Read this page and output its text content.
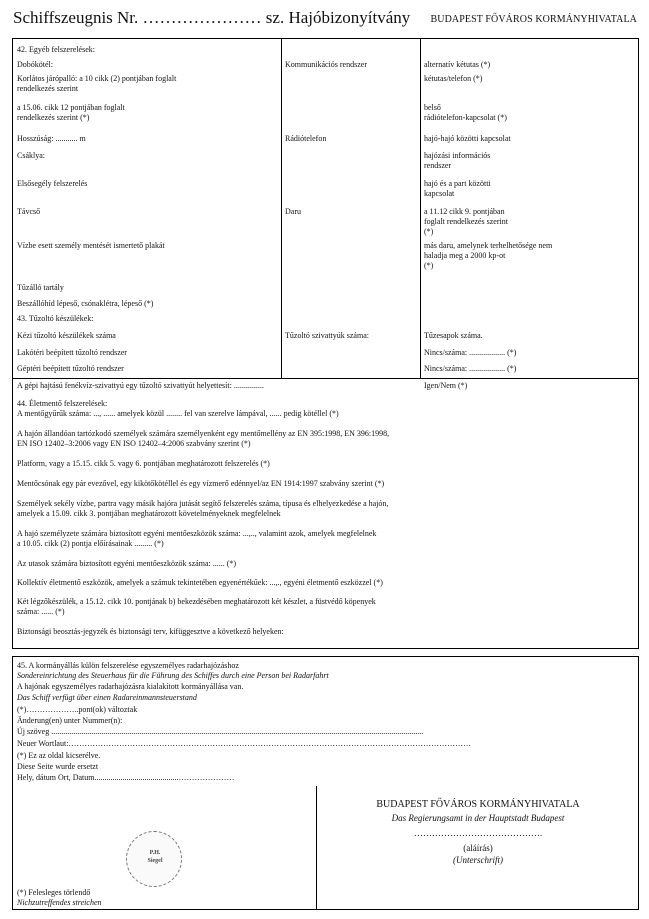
Schiffszeugnis Nr. ………………… sz. Hajóbizonyítvány BUDAPEST FŐVÁROS KORMÁNYHIVATALA
42. Egyéb felszerelések:
Dobókötél:
Korlátos járópalló: a 10 cikk (2) pontjában foglalt
rendelkezés szerint
a 15.06. cikk 12 pontjában foglalt
rendelkezés szerint (*)
Hosszúság: ........... m
Csáklya:
Elsősegély felszerelés
Távcső
Vízbe esett személy mentését ismertető plakát
Tűzálló tartály
Beszállóhíd lépeső, csónaklétra, lépeső (*)
Kommunikációs rendszer
Rádiótelefon
Daru
alternatív kétutas (*)
kétutas/telefon (*)
belső
rádiótelefon-kapcsolat (*)
hajó-hajó közötti kapcsolat
hajózási információs
rendszer
hajó és a part közötti
kapcsolat
a 11.12 cikk 9. pontjában
foglalt rendelkezés szerint
(*)
más daru, amelynek terhelhetősége nem
haladja meg a 2000 kp-ot
(*)
43. Tűzoltó készülékek:
Kézi tűzoltó készülékek száma
Lakótéri beépített tűzoltó rendszer
Géptéri beépített tűzoltó rendszer
Tűzoltó szivattyúk száma:	Tűzesapok száma.
Nincs/száma: .................. (*)
Nincs/száma: .................. (*)
A gépi hajtású fenékvíz-szivattyú egy tűzoltó szivattyút helyettesít: ...............	Igen/Nem (*)
44. Életmentő felszerelések:
A mentőgyűrűk száma: ..., ...... amelyek közül ........ fel van szerelve lámpával, ...... pedig kötéllel (*)
A hajón állandóan tartózkodó személyek számára személyenként egy mentőmellény az EN 395:1998, EN 396:1998,
EN ISO 12402–3:2006 vagy EN ISO 12402–4:2006 szabvány szerint (*)
Platform, vagy a 15.15. cikk 5. vagy 6. pontjában meghatározott felszerelés (*)
Mentőcsónak egy pár evezővel, egy kikötőkötéllel és egy vízmerő edénnyel/az EN 1914:1997 szabvány szerint (*)
Személyek sekély vízbe, partra vagy másik hajóra jutását segítő felszerelés száma, típusa és elhelyezkedése a hajón,
amelyek a 15.09. cikk 3. pontjában meghatározott követelményeknek megfelelnek
A hajó személyzete számára biztosított egyéni mentőeszközök száma: ...,.., valamint azok, amelyek megfelelnek
a 10.05. cikk (2) pontja előírásainak ......... (*)
Az utasok számára biztosított egyéni mentőeszközök száma: ...... (*)
Kollektív életmentő eszközök, amelyek a számuk tekintetében egyenértékűek: ...,., egyéni életmentő eszközzel (*)
Két légzőkészülék, a 15.12. cikk 10. pontjának b) bekezdésében meghatározott két készlet, a füstvédő köpenyek
száma: ...... (*)
Biztonsági beosztás-jegyzék és biztonsági terv, kifüggesztve a következő helyeken:
45. A kormányállás külön felszerelése egyszemélyes radarhajózáshoz
Sondereinrichtung des Steuerhaus für die Führung des Schiffes durch eine Person bei Radarfahrt
A hajónak egyszemélyes radarhajózásra kialakított kormányállása van.
Das Schiff verfügt über einen Radareinmannsteuerstand
(*)………………..pont(ok) változtak
Änderung(en) unter Nummer(n):
Új szöveg ..........................................................................................................................................................................................
Neuer Wortlaut:…………………………………………………………………………………………………………………………………….
(*) Ez az oldal kicserélve.
Diese Seite wurde ersetzt
Hely, dátum Ort, Datum..........................................…………………
P.H.
Siegel
BUDAPEST FŐVÁROS KORMÁNYHIVATALA
Das Regierungsamt in der Hauptstadt Budapest
…………………………………….
(aláírás)
(Unterschrift)
(*) Felesleges törlendő
Nichzutreffendes streichen
